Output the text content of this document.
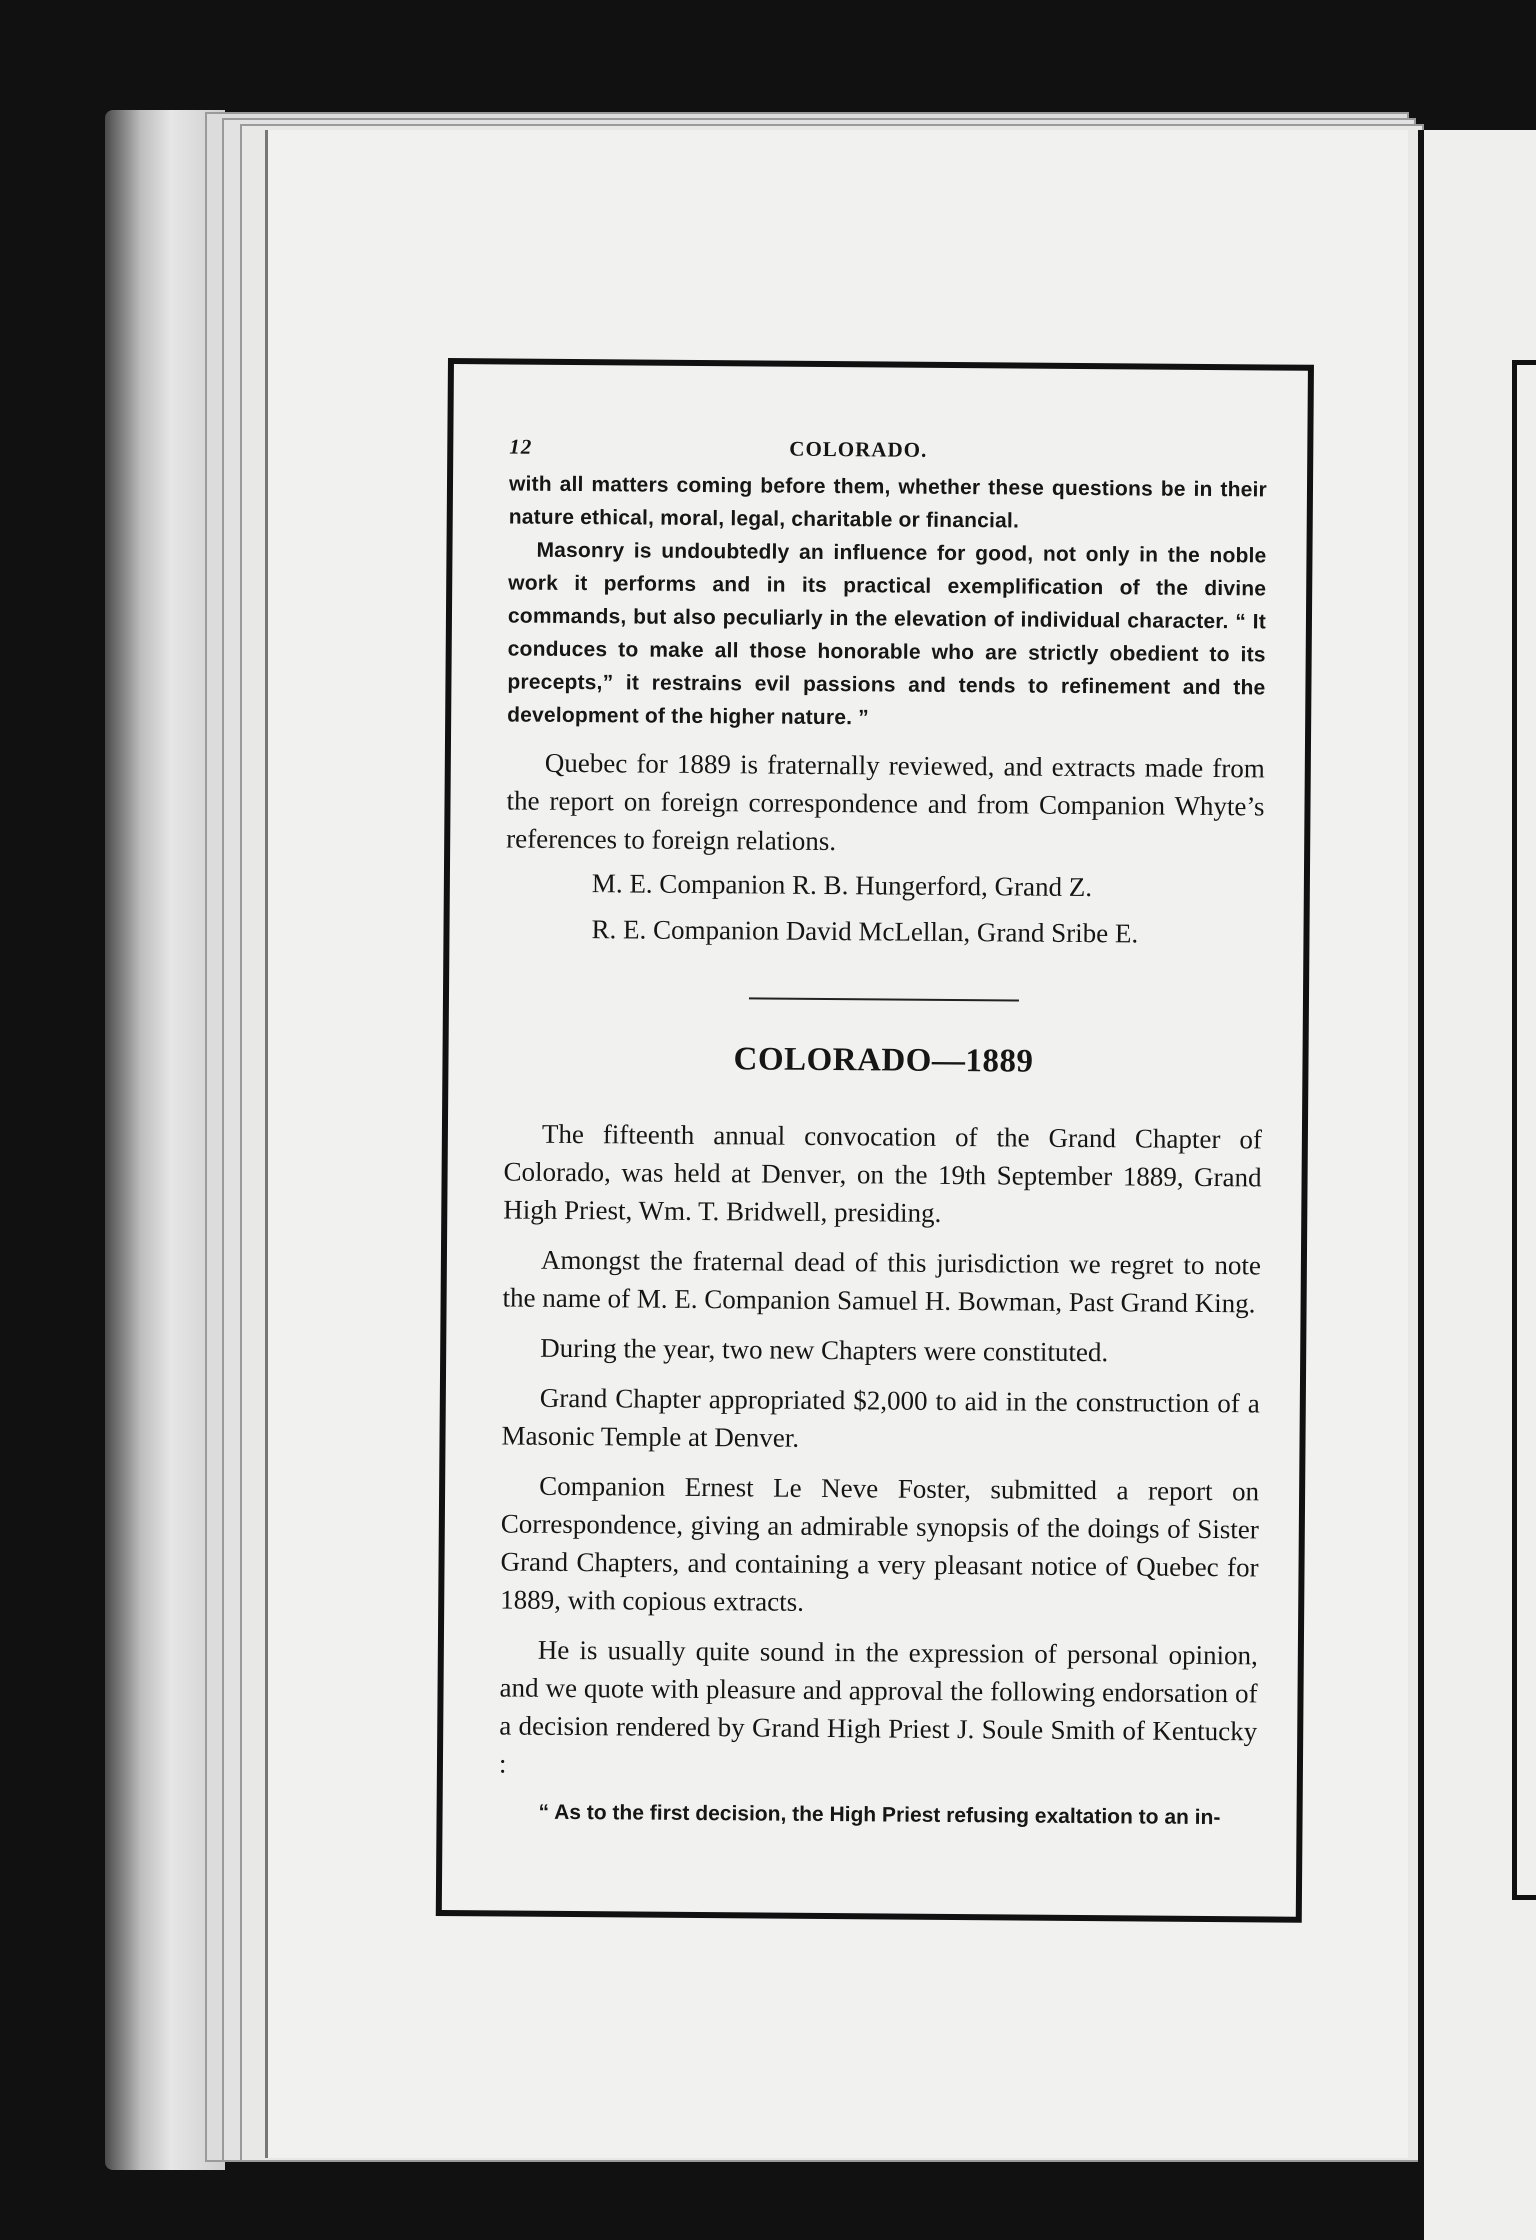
12	COLORADO.

with all matters coming before them, whether these questions be in their nature ethical, moral, legal, charitable or financial.

Masonry is undoubtedly an influence for good, not only in the noble work it performs and in its practical exemplification of the divine commands, but also peculiarly in the elevation of individual character. “ It conduces to make all those honorable who are strictly obedient to its precepts,” it restrains evil passions and tends to refinement and the development of the higher nature. ”

Quebec for 1889 is fraternally reviewed, and extracts made from the report on foreign correspondence and from Companion Whyte’s references to foreign relations.

M. E. Companion R. B. Hungerford, Grand Z.

R. E. Companion David McLellan, Grand Sribe E.

COLORADO—1889

The fifteenth annual convocation of the Grand Chapter of Colorado, was held at Denver, on the 19th September 1889, Grand High Priest, Wm. T. Bridwell, presiding.

Amongst the fraternal dead of this jurisdiction we regret to note the name of M. E. Companion Samuel H. Bowman, Past Grand King.

During the year, two new Chapters were constituted.

Grand Chapter appropriated $2,000 to aid in the construction of a Masonic Temple at Denver.

Companion Ernest Le Neve Foster, submitted a report on Correspondence, giving an admirable synopsis of the doings of Sister Grand Chapters, and containing a very pleasant notice of Quebec for 1889, with copious extracts.

He is usually quite sound in the expression of personal opinion, and we quote with pleasure and approval the following endorsation of a decision rendered by Grand High Priest J. Soule Smith of Kentucky :

“ As to the first decision, the High Priest refusing exaltation to an in-
